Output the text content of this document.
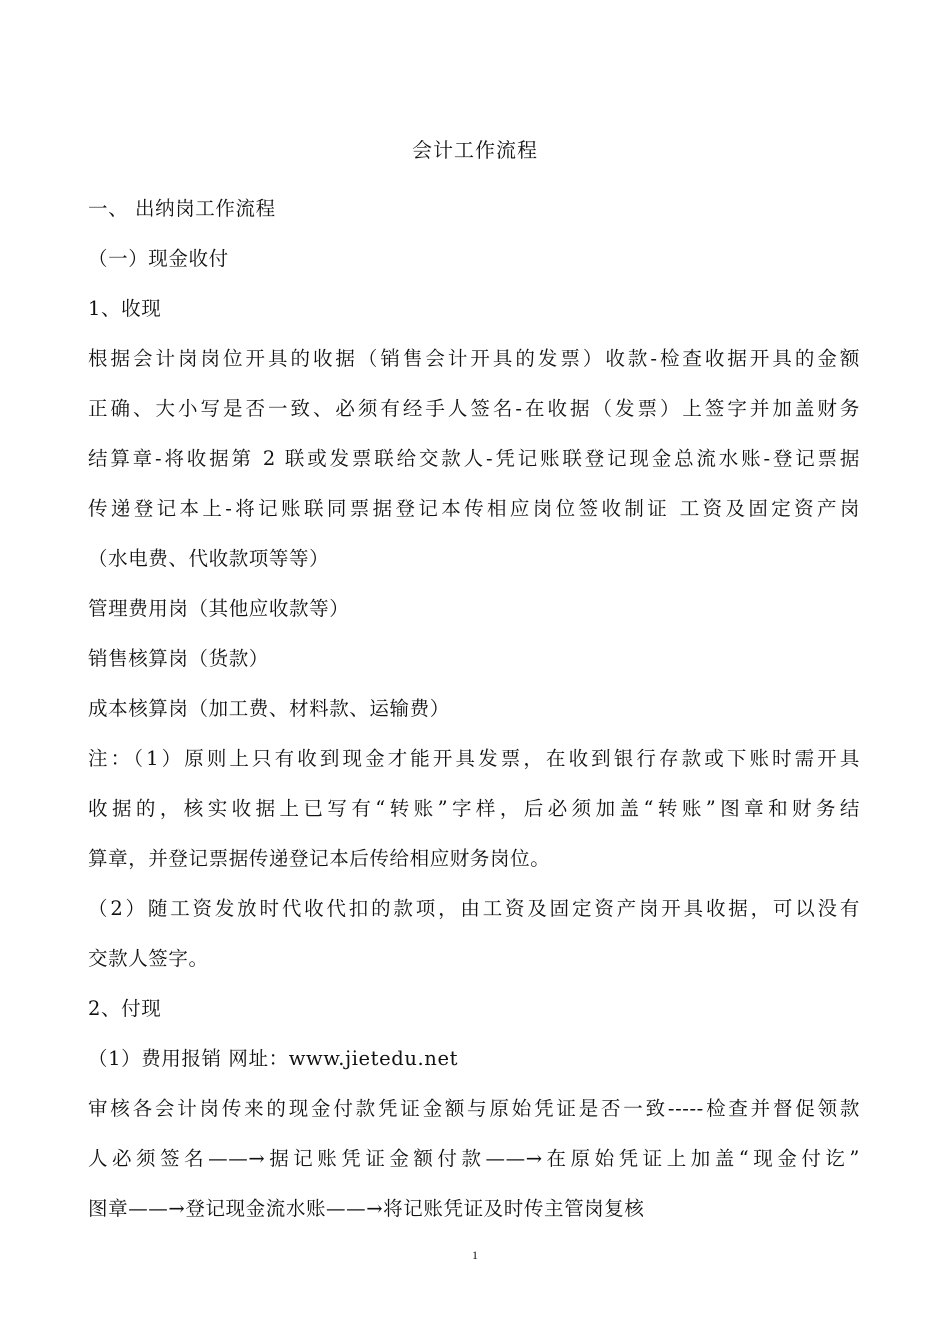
会计工作流程
一、 出纳岗工作流程
（一）现金收付
1、收现
根据会计岗岗位开具的收据（销售会计开具的发票）收款-检查收据开具的金额
正确、大小写是否一致、必须有经手人签名-在收据（发票）上签字并加盖财务
结算章-将收据第 2 联或发票联给交款人-凭记账联登记现金总流水账-登记票据
传递登记本上-将记账联同票据登记本传相应岗位签收制证 工资及固定资产岗
（水电费、代收款项等等）
管理费用岗（其他应收款等）
销售核算岗（货款）
成本核算岗（加工费、材料款、运输费）
注：（1）原则上只有收到现金才能开具发票，在收到银行存款或下账时需开具
收据的，核实收据上已写有“转账”字样，后必须加盖“转账”图章和财务结
算章，并登记票据传递登记本后传给相应财务岗位。
（2）随工资发放时代收代扣的款项，由工资及固定资产岗开具收据，可以没有
交款人签字。
2、付现
（1）费用报销 网址：www.jietedu.net
审核各会计岗传来的现金付款凭证金额与原始凭证是否一致-----检查并督促领款
人必须签名——→据记账凭证金额付款——→在原始凭证上加盖“现金付讫”
图章——→登记现金流水账——→将记账凭证及时传主管岗复核
1
